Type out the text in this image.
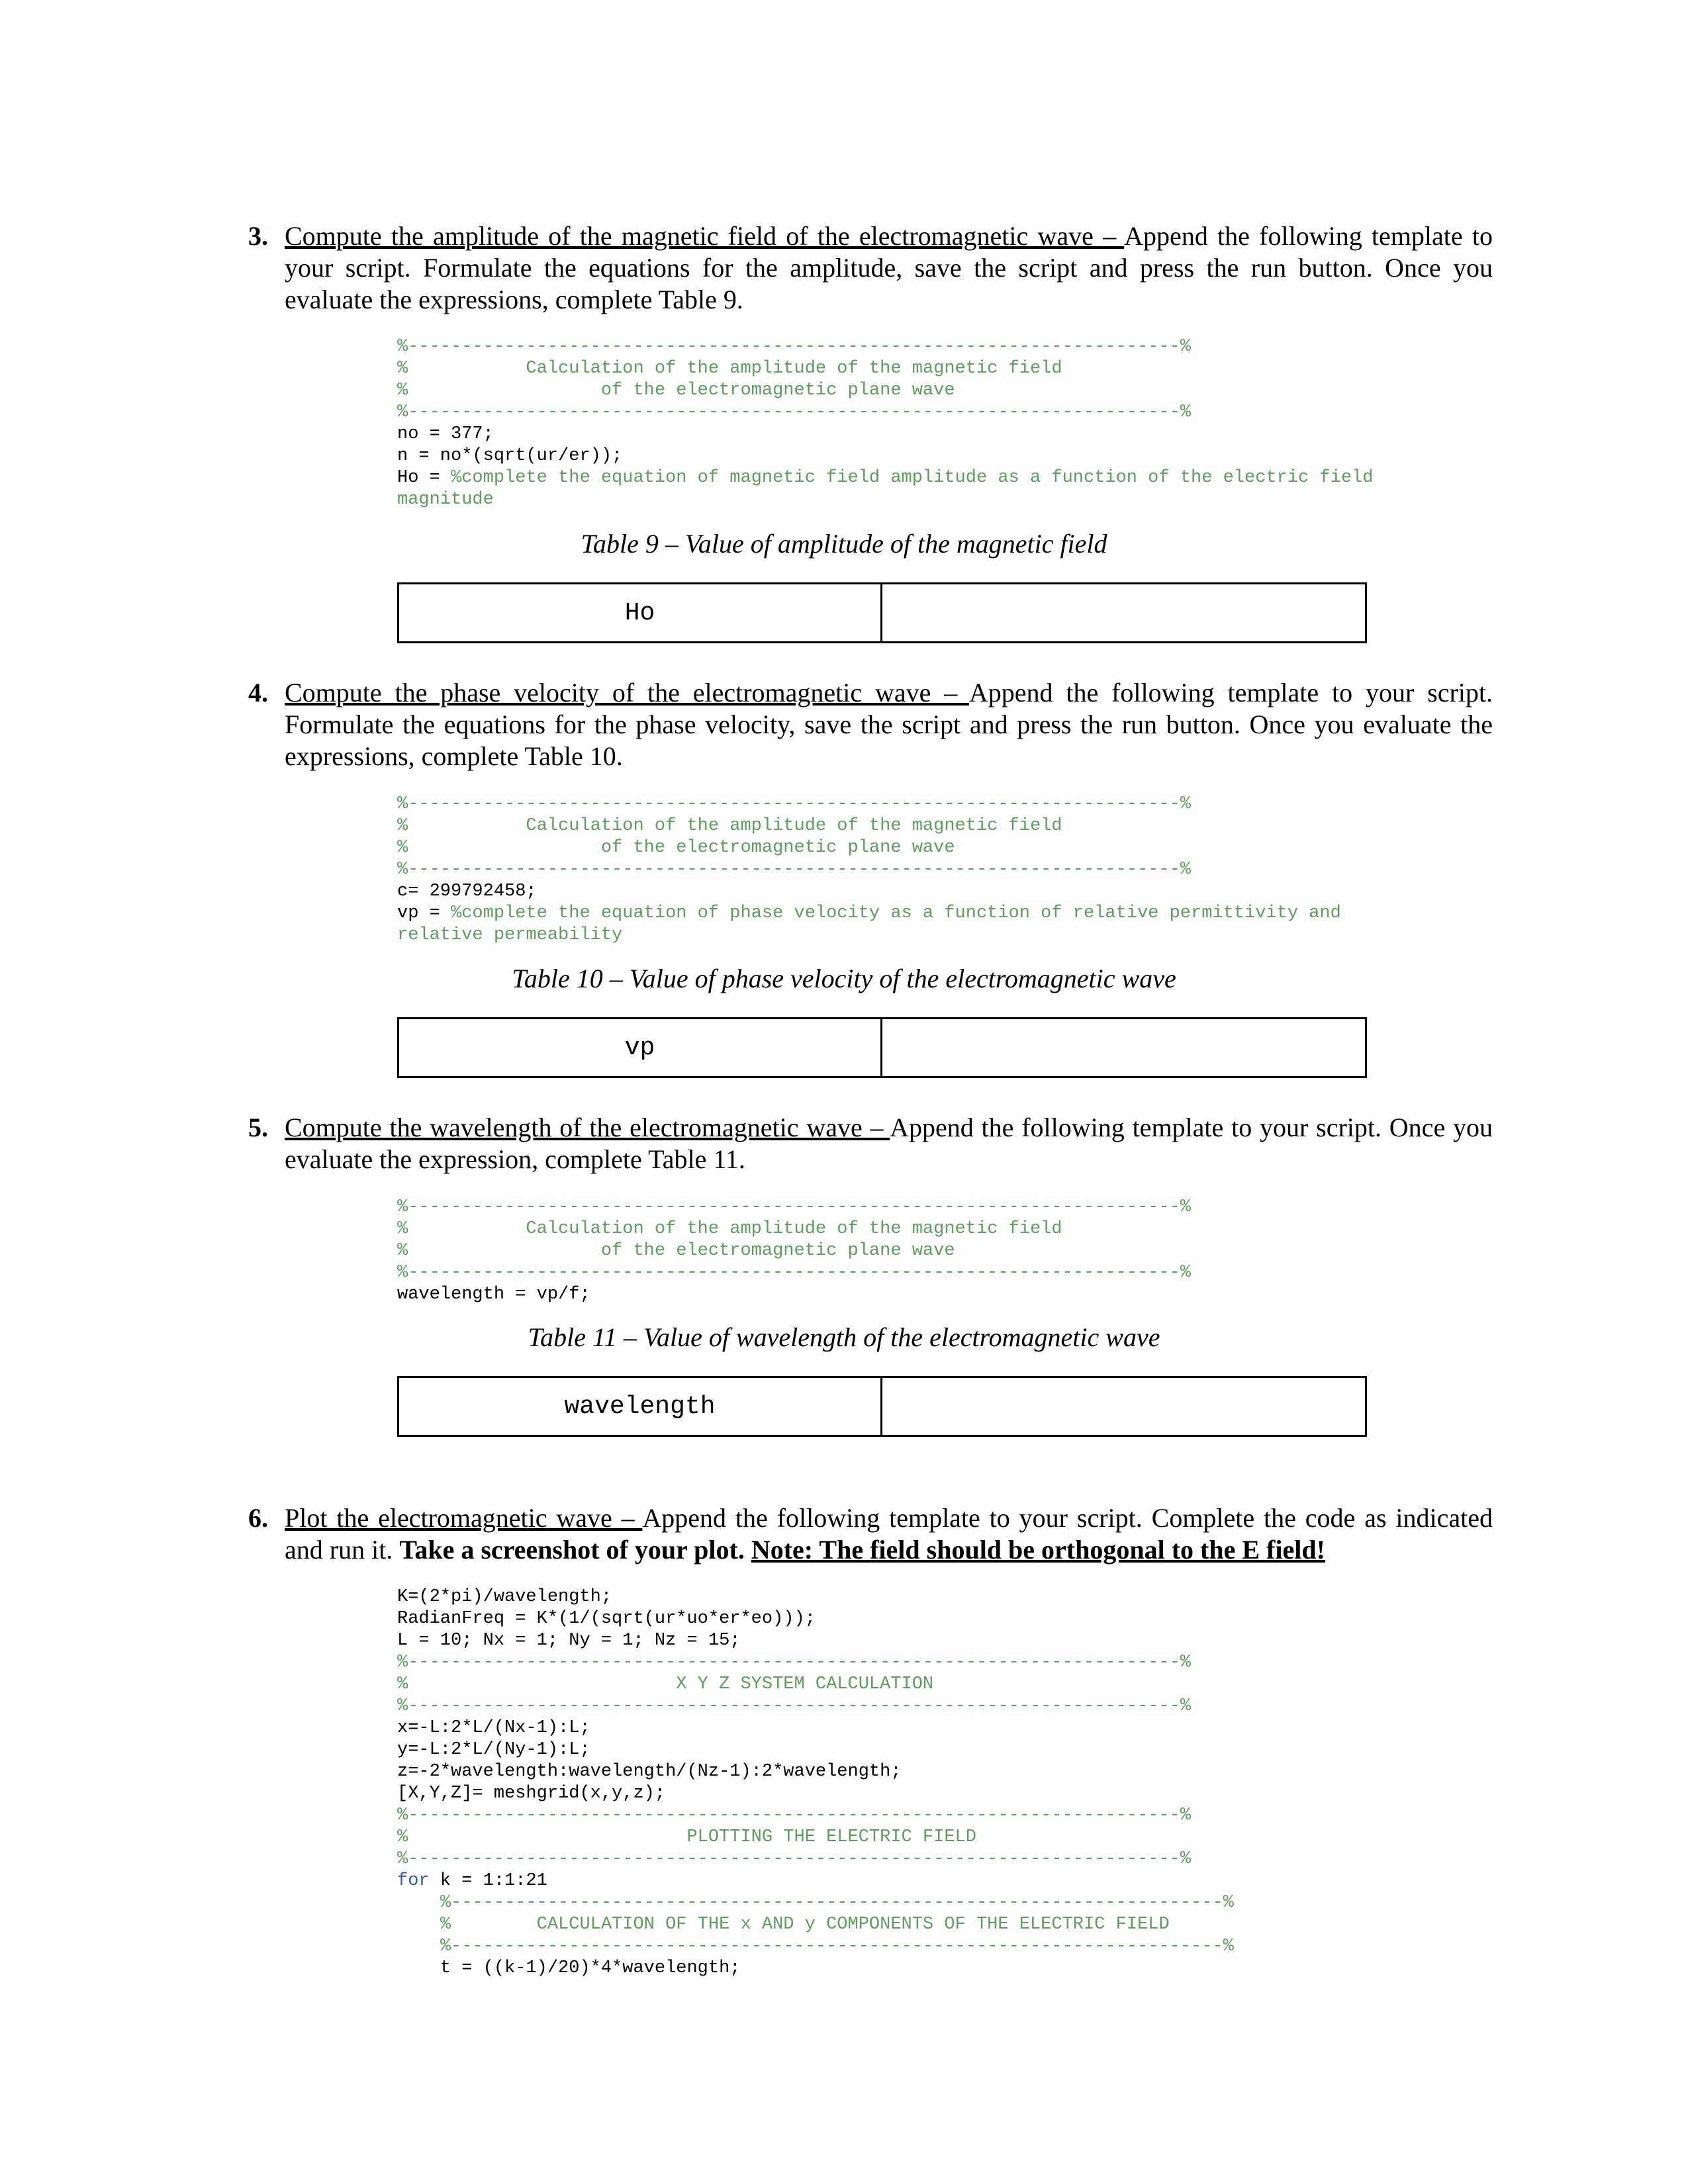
3. Compute the amplitude of the magnetic field of the electromagnetic wave – Append the following template to your script. Formulate the equations for the amplitude, save the script and press the run button. Once you evaluate the expressions, complete Table 9.
%------------------------------------------------------------------------%
%           Calculation of the amplitude of the magnetic field
%                  of the electromagnetic plane wave
%------------------------------------------------------------------------%
no = 377;
n = no*(sqrt(ur/er));
Ho = %complete the equation of magnetic field amplitude as a function of the electric field
magnitude
Table 9 – Value of amplitude of the magnetic field
Ho
4. Compute the phase velocity of the electromagnetic wave – Append the following template to your script. Formulate the equations for the phase velocity, save the script and press the run button. Once you evaluate the expressions, complete Table 10.
%------------------------------------------------------------------------%
%           Calculation of the amplitude of the magnetic field
%                  of the electromagnetic plane wave
%------------------------------------------------------------------------%
c= 299792458;
vp = %complete the equation of phase velocity as a function of relative permittivity and
relative permeability
Table 10 – Value of phase velocity of the electromagnetic wave
vp
5. Compute the wavelength of the electromagnetic wave – Append the following template to your script. Once you evaluate the expression, complete Table 11.
%------------------------------------------------------------------------%
%           Calculation of the amplitude of the magnetic field
%                  of the electromagnetic plane wave
%------------------------------------------------------------------------%
wavelength = vp/f;
Table 11 – Value of wavelength of the electromagnetic wave
wavelength
6. Plot the electromagnetic wave – Append the following template to your script. Complete the code as indicated and run it. Take a screenshot of your plot. Note: The field should be orthogonal to the E field!
K=(2*pi)/wavelength;
RadianFreq = K*(1/(sqrt(ur*uo*er*eo)));
L = 10; Nx = 1; Ny = 1; Nz = 15;
%------------------------------------------------------------------------%
%                         X Y Z SYSTEM CALCULATION
%------------------------------------------------------------------------%
x=-L:2*L/(Nx-1):L;
y=-L:2*L/(Ny-1):L;
z=-2*wavelength:wavelength/(Nz-1):2*wavelength;
[X,Y,Z]= meshgrid(x,y,z);
%------------------------------------------------------------------------%
%                          PLOTTING THE ELECTRIC FIELD
%------------------------------------------------------------------------%
for k = 1:1:21
%------------------------------------------------------------------------%
%        CALCULATION OF THE x AND y COMPONENTS OF THE ELECTRIC FIELD
%------------------------------------------------------------------------%
t = ((k-1)/20)*4*wavelength;
